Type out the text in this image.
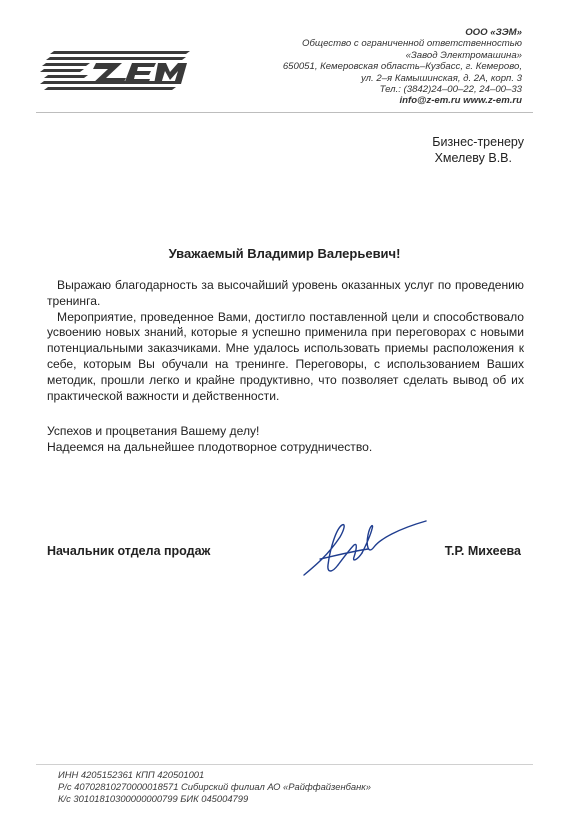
ООО «ЗЭМ»
Общество с ограниченной ответственностью
«Завод Электромашина»
650051, Кемеровская область–Кузбасс, г. Кемерово,
ул. 2–я Камышинская, д. 2А, корп. 3
Тел.: (3842)24–00–22, 24–00–33
info@z-em.ru www.z-em.ru
Бизнес-тренеру
Хмелеву В.В.
Уважаемый Владимир Валерьевич!

Выражаю благодарность за высочайший уровень оказанных услуг по проведению тренинга.

Мероприятие, проведенное Вами, достигло поставленной цели и способствовало усвоению новых знаний, которые я успешно применила при переговорах с новыми потенциальными заказчиками. Мне удалось использовать приемы расположения к себе, которым Вы обучали на тренинге. Переговоры, с использованием Ваших методик, прошли легко и крайне продуктивно, что позволяет сделать вывод об их практической важности и действенности.

Успехов и процветания Вашему делу!
Надеемся на дальнейшее плодотворное сотрудничество.
Начальник отдела продаж	Т.Р. Михеева
ИНН 4205152361 КПП 420501001
Р/с 40702810270000018571 Сибирский филиал АО «Райффайзенбанк»
К/с 30101810300000000799 БИК 045004799
